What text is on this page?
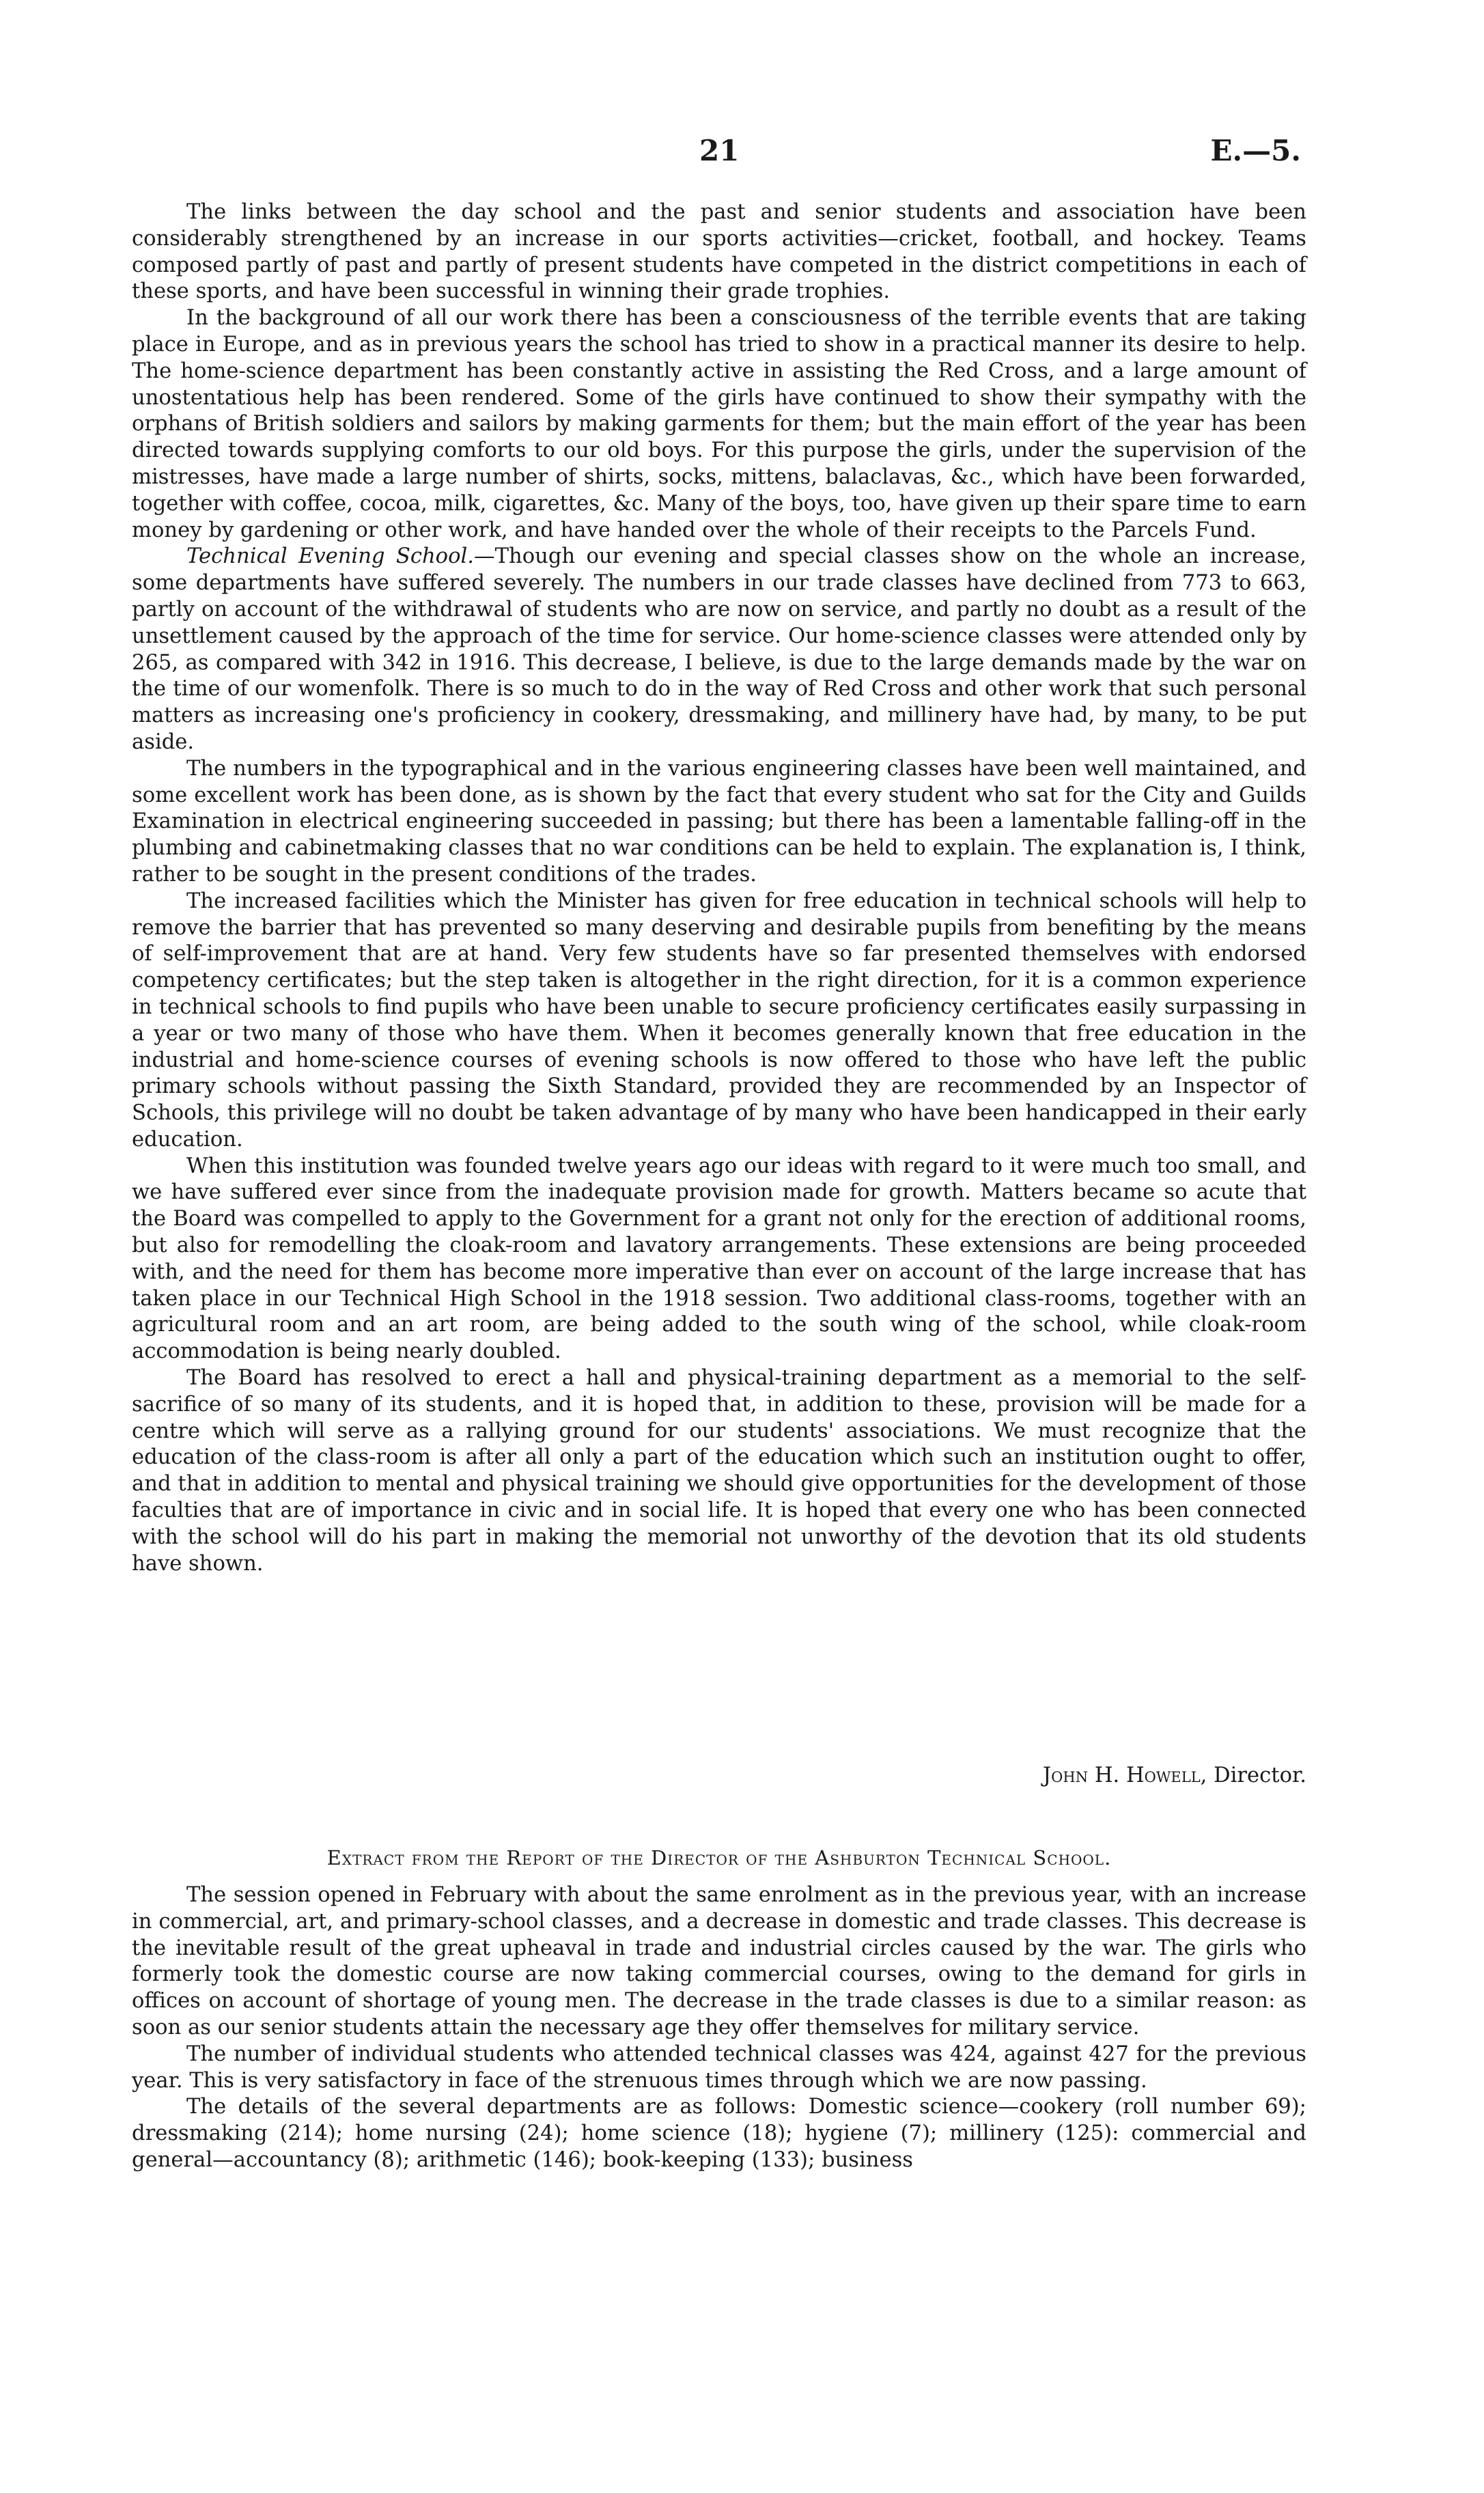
21	E.—5.

The links between the day school and the past and senior students and association have been considerably strengthened by an increase in our sports activities—cricket, football, and hockey. Teams composed partly of past and partly of present students have competed in the district competitions in each of these sports, and have been successful in winning their grade trophies.

In the background of all our work there has been a consciousness of the terrible events that are taking place in Europe, and as in previous years the school has tried to show in a practical manner its desire to help. The home-science department has been constantly active in assisting the Red Cross, and a large amount of unostentatious help has been rendered. Some of the girls have continued to show their sympathy with the orphans of British soldiers and sailors by making garments for them; but the main effort of the year has been directed towards supplying comforts to our old boys. For this purpose the girls, under the supervision of the mistresses, have made a large number of shirts, socks, mittens, balaclavas, &c., which have been forwarded, together with coffee, cocoa, milk, cigarettes, &c. Many of the boys, too, have given up their spare time to earn money by gardening or other work, and have handed over the whole of their receipts to the Parcels Fund.

Technical Evening School.—Though our evening and special classes show on the whole an increase, some departments have suffered severely. The numbers in our trade classes have declined from 773 to 663, partly on account of the withdrawal of students who are now on service, and partly no doubt as a result of the unsettlement caused by the approach of the time for service. Our home-science classes were attended only by 265, as compared with 342 in 1916. This decrease, I believe, is due to the large demands made by the war on the time of our womenfolk. There is so much to do in the way of Red Cross and other work that such personal matters as increasing one's proficiency in cookery, dressmaking, and millinery have had, by many, to be put aside.

The numbers in the typographical and in the various engineering classes have been well maintained, and some excellent work has been done, as is shown by the fact that every student who sat for the City and Guilds Examination in electrical engineering succeeded in passing; but there has been a lamentable falling-off in the plumbing and cabinetmaking classes that no war conditions can be held to explain. The explanation is, I think, rather to be sought in the present conditions of the trades.

The increased facilities which the Minister has given for free education in technical schools will help to remove the barrier that has prevented so many deserving and desirable pupils from benefiting by the means of self-improvement that are at hand. Very few students have so far presented themselves with endorsed competency certificates; but the step taken is altogether in the right direction, for it is a common experience in technical schools to find pupils who have been unable to secure proficiency certificates easily surpassing in a year or two many of those who have them. When it becomes generally known that free education in the industrial and home-science courses of evening schools is now offered to those who have left the public primary schools without passing the Sixth Standard, provided they are recommended by an Inspector of Schools, this privilege will no doubt be taken advantage of by many who have been handicapped in their early education.

When this institution was founded twelve years ago our ideas with regard to it were much too small, and we have suffered ever since from the inadequate provision made for growth. Matters became so acute that the Board was compelled to apply to the Government for a grant not only for the erection of additional rooms, but also for remodelling the cloak-room and lavatory arrangements. These extensions are being proceeded with, and the need for them has become more imperative than ever on account of the large increase that has taken place in our Technical High School in the 1918 session. Two additional class-rooms, together with an agricultural room and an art room, are being added to the south wing of the school, while cloak-room accommodation is being nearly doubled.

The Board has resolved to erect a hall and physical-training department as a memorial to the self-sacrifice of so many of its students, and it is hoped that, in addition to these, provision will be made for a centre which will serve as a rallying ground for our students' associations. We must recognize that the education of the class-room is after all only a part of the education which such an institution ought to offer, and that in addition to mental and physical training we should give opportunities for the development of those faculties that are of importance in civic and in social life. It is hoped that every one who has been connected with the school will do his part in making the memorial not unworthy of the devotion that its old students have shown.

John H. Howell, Director.
Extract from the Report of the Director of the Ashburton Technical School.

The session opened in February with about the same enrolment as in the previous year, with an increase in commercial, art, and primary-school classes, and a decrease in domestic and trade classes. This decrease is the inevitable result of the great upheaval in trade and industrial circles caused by the war. The girls who formerly took the domestic course are now taking commercial courses, owing to the demand for girls in offices on account of shortage of young men. The decrease in the trade classes is due to a similar reason: as soon as our senior students attain the necessary age they offer themselves for military service.

The number of individual students who attended technical classes was 424, against 427 for the previous year. This is very satisfactory in face of the strenuous times through which we are now passing.

The details of the several departments are as follows: Domestic science—cookery (roll number 69); dressmaking (214); home nursing (24); home science (18); hygiene (7); millinery (125): commercial and general—accountancy (8); arithmetic (146); book-keeping (133); business
